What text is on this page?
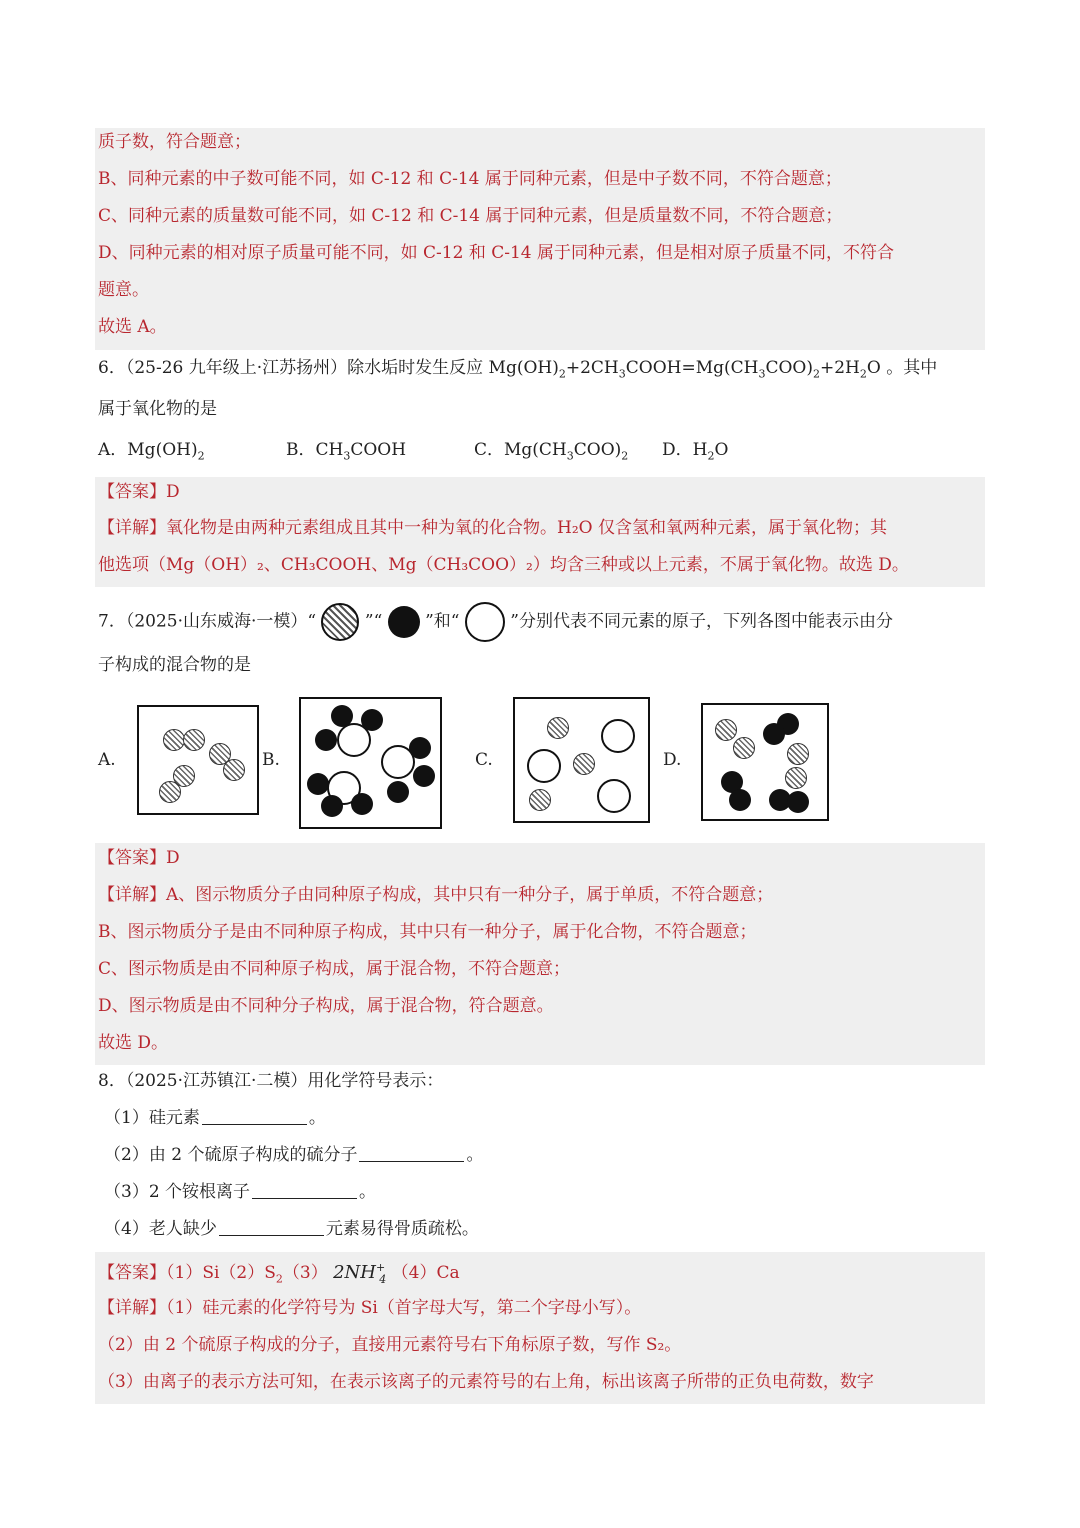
质子数，符合题意；
B、同种元素的中子数可能不同，如 C-12 和 C-14 属于同种元素，但是中子数不同，不符合题意；
C、同种元素的质量数可能不同，如 C-12 和 C-14 属于同种元素，但是质量数不同，不符合题意；
D、同种元素的相对原子质量可能不同，如 C-12 和 C-14 属于同种元素，但是相对原子质量不同，不符合
题意。
故选 A。
6．（25-26 九年级上·江苏扬州）除水垢时发生反应 $Mg(OH)_2+2CH_3COOH=Mg(CH_3COO)_2+2H_2O$ 。其中
属于氧化物的是
A．$Mg(OH)_2$	B．$CH_3COOH$	C．$Mg(CH_3COO)_2$ D．$H_2O$
【答案】D
【详解】氧化物是由两种元素组成且其中一种为氧的化合物。H₂O 仅含氢和氧两种元素，属于氧化物；其
他选项（Mg（OH）₂、CH₃COOH、Mg（CH₃COO）₂）均含三种或以上元素，不属于氧化物。故选 D。
7．（2025·山东威海·一模）“	”“	”和“	”分别代表不同元素的原子，下列各图中能表示由分
子构成的混合物的是
A.	B.	C.	D.
【答案】D
【详解】A、图示物质分子由同种原子构成，其中只有一种分子，属于单质，不符合题意；
B、图示物质分子是由不同种原子构成，其中只有一种分子，属于化合物，不符合题意；
C、图示物质是由不同种原子构成，属于混合物，不符合题意；
D、图示物质是由不同种分子构成，属于混合物，符合题意。
故选 D。
8．（2025·江苏镇江·二模）用化学符号表示：
（1）硅元素	。
（2）由 2 个硫原子构成的硫分子	。
（3）2 个铵根离子	。
（4）老人缺少	元素易得骨质疏松。
【答案】$(1)Si(2)S_2(3)$ $2NH^+_4$ （4）Ca
【详解】（1）硅元素的化学符号为 Si（首字母大写，第二个字母小写）。
（2）由 2 个硫原子构成的分子，直接用元素符号右下角标原子数，写作 S₂。
（3）由离子的表示方法可知，在表示该离子的元素符号的右上角，标出该离子所带的正负电荷数，数字
